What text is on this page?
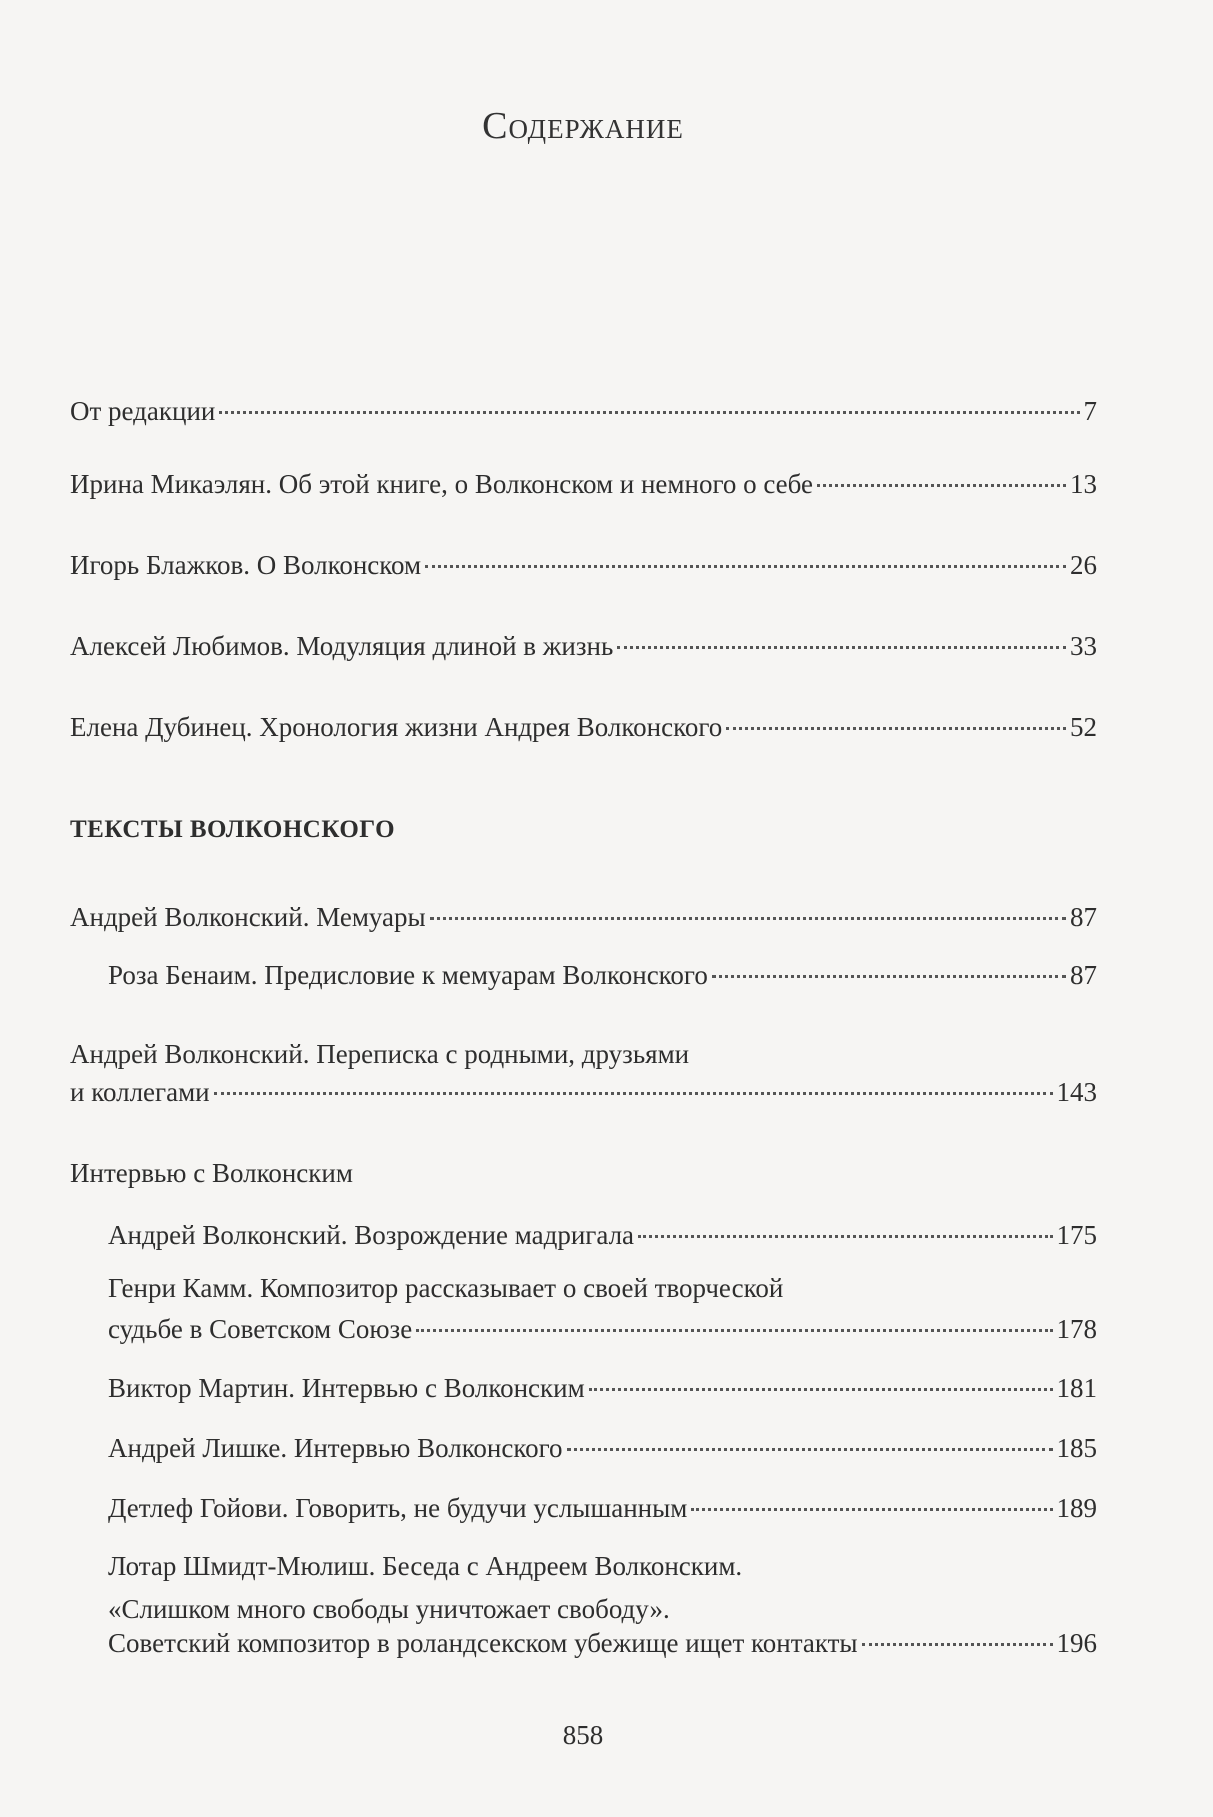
Содержание
От редакции	7
Ирина Микаэлян. Об этой книге, о Волконском и немного о себе	13
Игорь Блажков. О Волконском	26
Алексей Любимов. Модуляция длиной в жизнь	33
Елена Дубинец. Хронология жизни Андрея Волконского	52
ТЕКСТЫ ВОЛКОНСКОГО
Андрей Волконский. Мемуары	87
Роза Бенаим. Предисловие к мемуарам Волконского	87
Андрей Волконский. Переписка с родными, друзьями
и коллегами	143
Интервью с Волконским
Андрей Волконский. Возрождение мадригала	175
Генри Камм. Композитор рассказывает о своей творческой
судьбе в Советском Союзе	178
Виктор Мартин. Интервью с Волконским	181
Андрей Лишке. Интервью Волконского	185
Детлеф Гойови. Говорить, не будучи услышанным	189
Лотар Шмидт-Мюлиш. Беседа с Андреем Волконским.
«Слишком много свободы уничтожает свободу».
Советский композитор в роландсекском убежище ищет контакты	196
858
